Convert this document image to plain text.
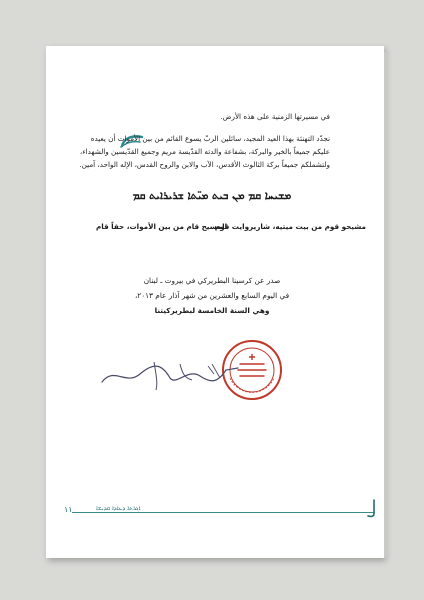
في مسيرتها الزمنية على هذه الأرض.
نجدّد التهنئة بهذا العيد المجيد، سائلين الربّ يسوع القائم من بين الأموات أن يعيده
عليكم جميعاً بالخير والبركة، بشفاعة والدته القدّيسة مريم وجميع القدّيسين والشهداء،
ولتشملكم جميعاً بركة الثالوث الأقدس، الآب والابن والروح القدس، الإله الواحد، آمين.
ܡܫܝܚܐ ܩܡ ܡܢ ܒܝܬ ܡܝ̈ܬܐ ܫܪܝܪܐܝܬ ܩܡ
مشيحو قوم من بيت ميتيه، شاريروايت قوم
المسيح قام من بين الأموات، حقاً قام

صدر عن كرسينا البطريركي في بيروت ـ لبنان

في اليوم السابع والعشرين من شهر آذار عام ٢٠١٣،

وهي السنة الخامسة لبطريركيتنا

١١	ܐܓܪܬܐ ܕܥܐܕܐ ܩܕܝܫܐ
